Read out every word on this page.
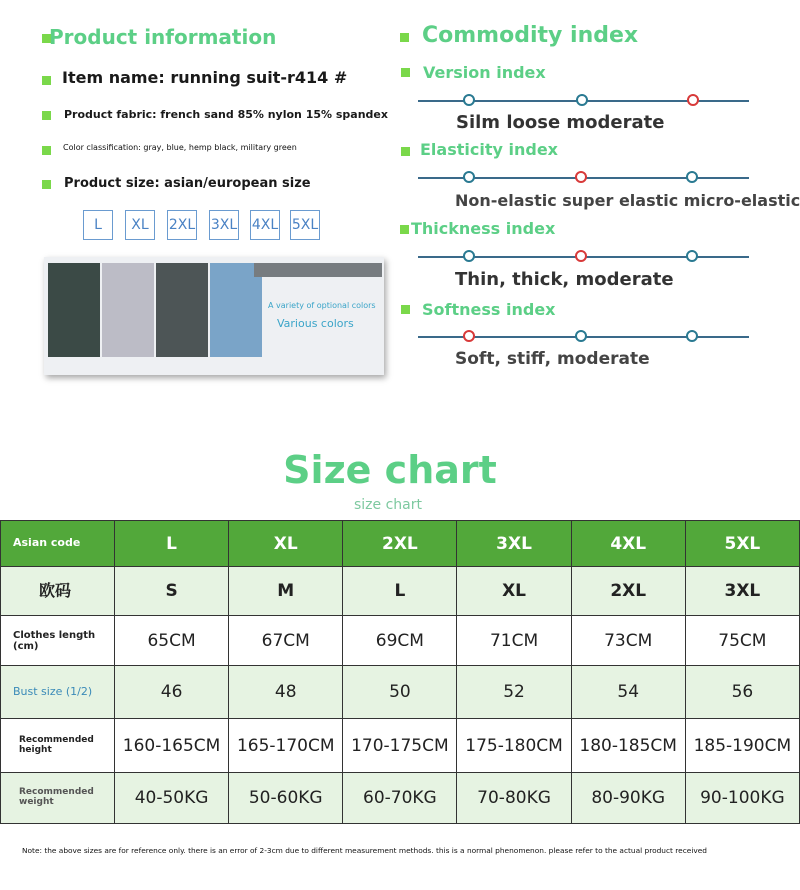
Product information
Item name: running suit-r414 #
Product fabric: french sand 85% nylon 15% spandex
Color classification: gray, blue, hemp black, military green
Product size: asian/european size
L	XL	2XL 3XL 4XL 5XL
A variety of optional colors
Various colors
Commodity index
Version index
Silm loose moderate
Elasticity index
Non-elastic super elastic micro-elastic
Thickness index
Thin, thick, moderate
Softness index
Soft, stiff, moderate
Size chart
size chart
Asian code	L	XL	2XL	3XL	4XL	5XL
欧码	S	M	L	XL	2XL	3XL
Clothes length (cm)	65CM	67CM	69CM	71CM	73CM	75CM
Bust size (1/2)	46	48	50	52	54	56
Recommended height	160-165CM	165-170CM	170-175CM	175-180CM	180-185CM	185-190CM
Recommended weight	40-50KG	50-60KG	60-70KG	70-80KG	80-90KG	90-100KG
Note: the above sizes are for reference only. there is an error of 2-3cm due to different measurement methods. this is a normal phenomenon. please refer to the actual product received
